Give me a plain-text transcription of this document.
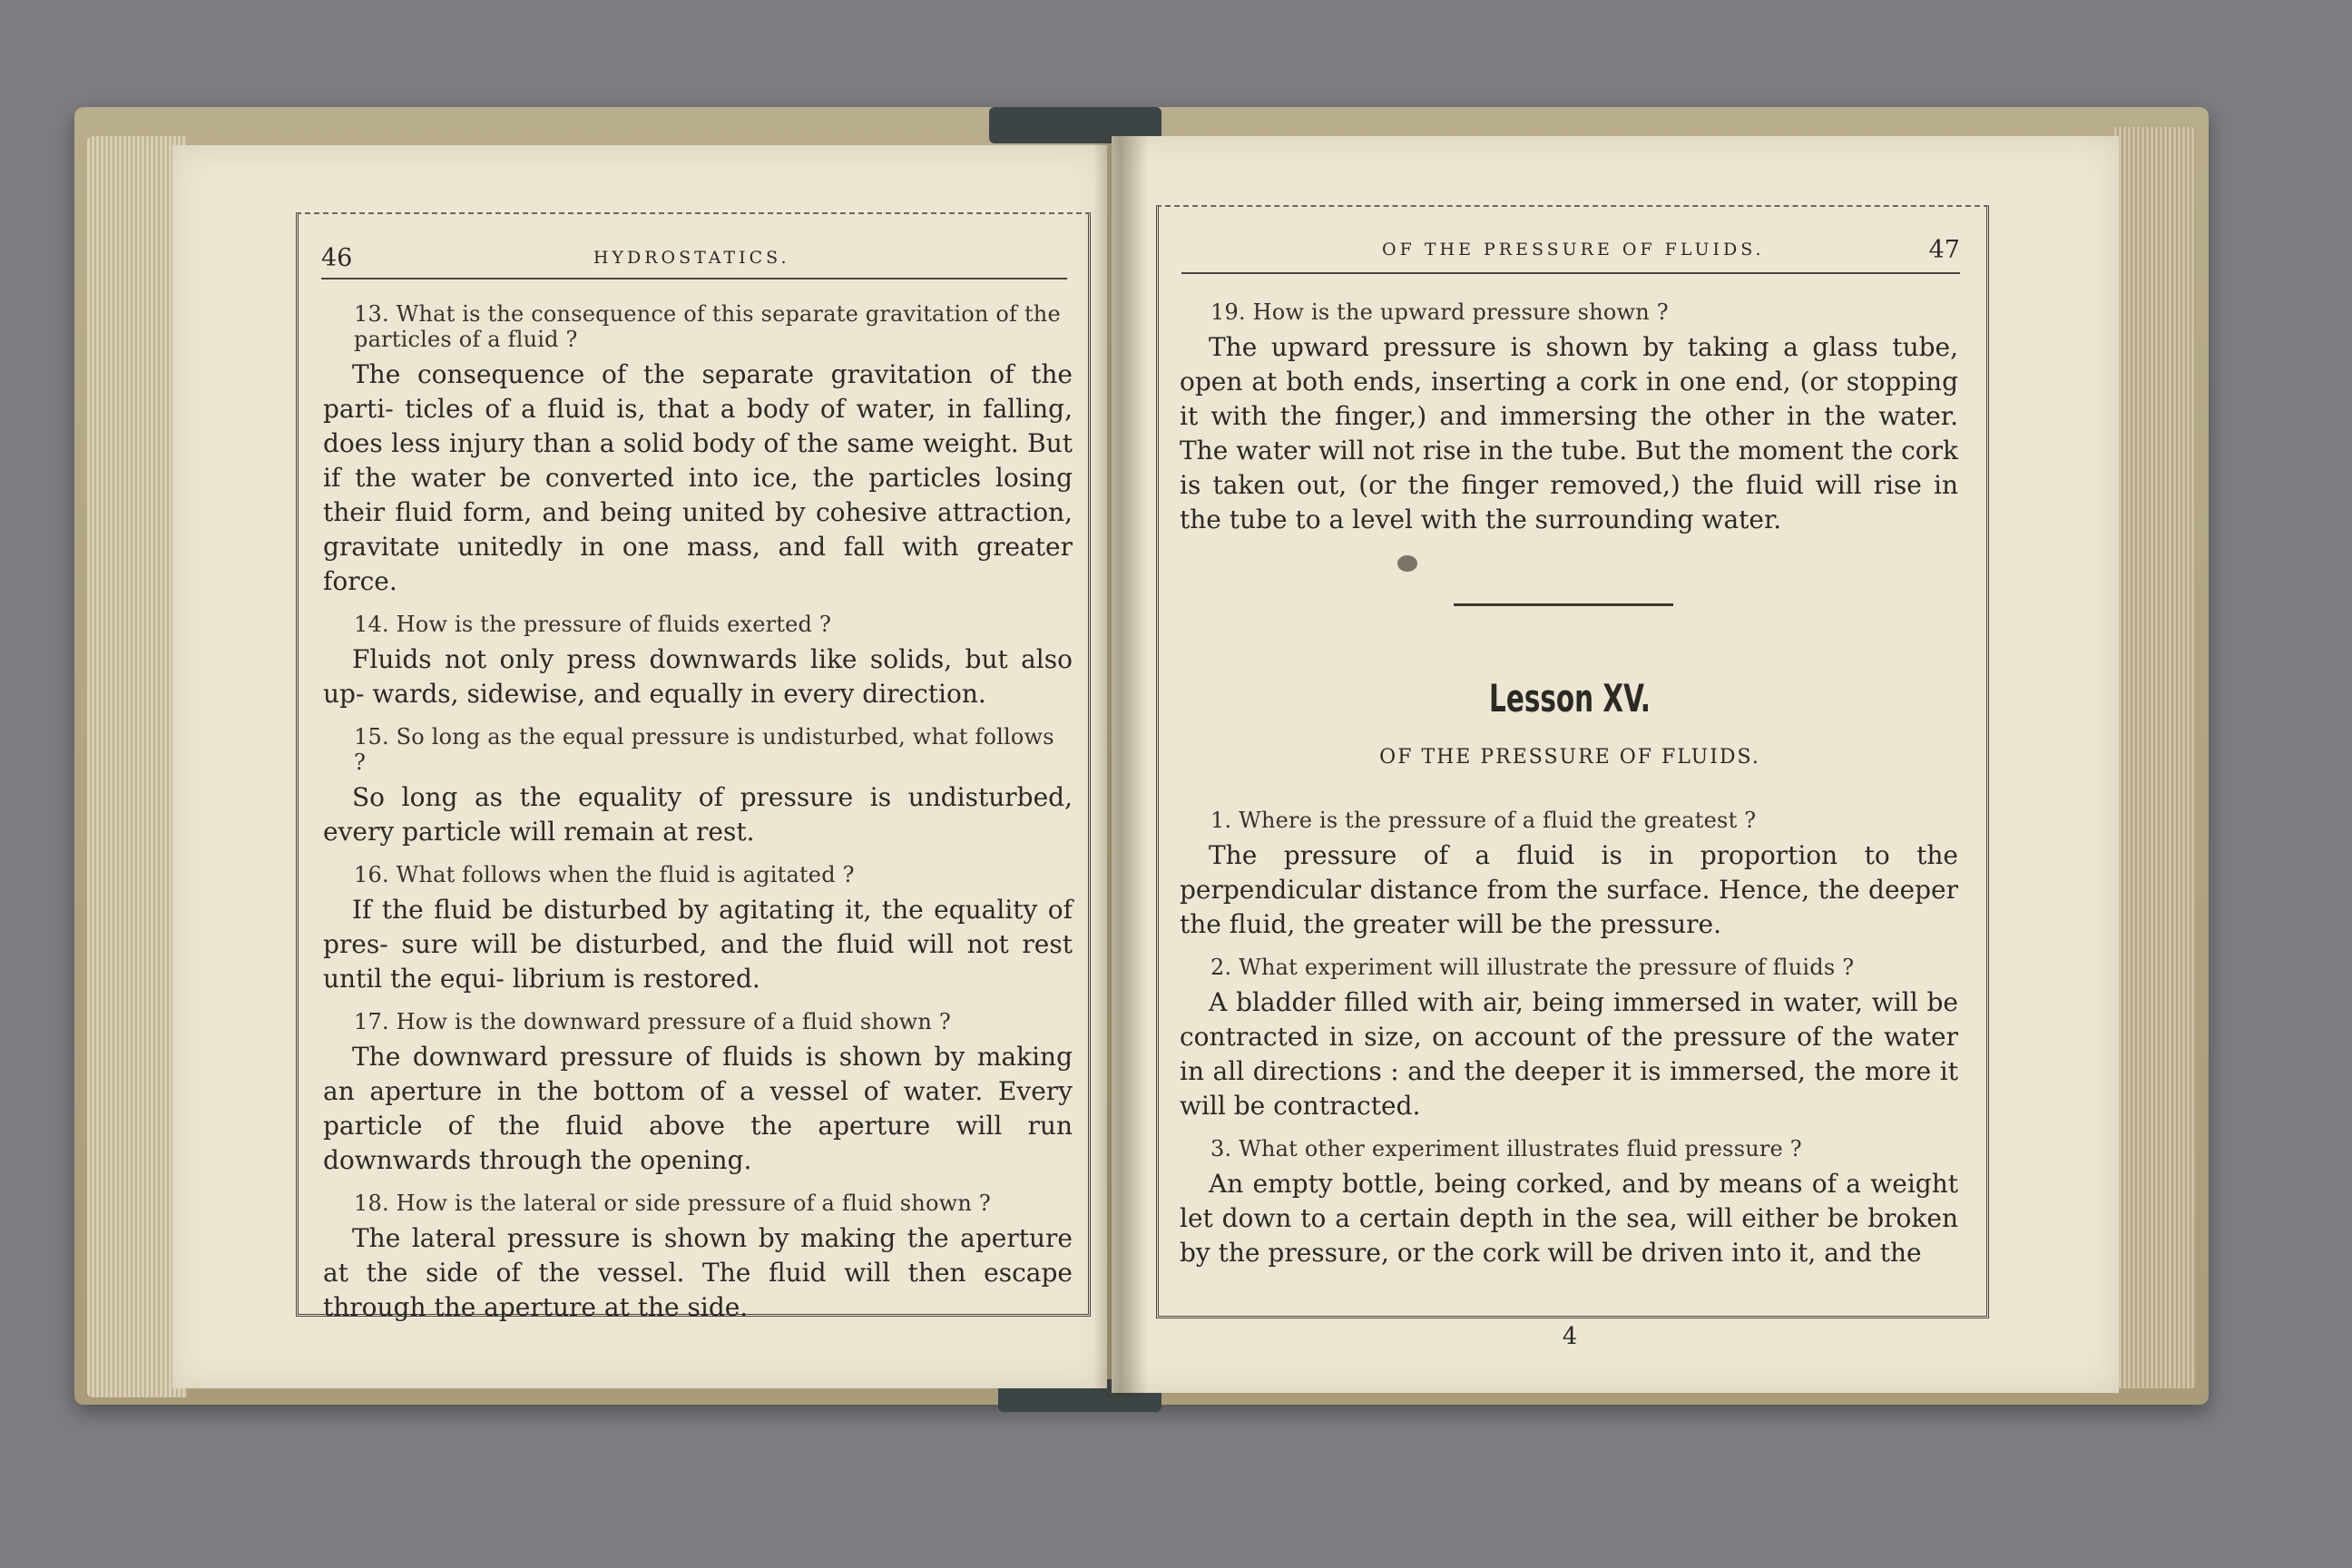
46	HYDROSTATICS.

13. What is the consequence of this separate gravitation of the particles of a fluid ?

The consequence of the separate gravitation of the parti- ticles of a fluid is, that a body of water, in falling, does less injury than a solid body of the same weight. But if the water be converted into ice, the particles losing their fluid form, and being united by cohesive attraction, gravitate unitedly in one mass, and fall with greater force.

14. How is the pressure of fluids exerted ?

Fluids not only press downwards like solids, but also up- wards, sidewise, and equally in every direction.

15. So long as the equal pressure is undisturbed, what follows ?

So long as the equality of pressure is undisturbed, every particle will remain at rest.

16. What follows when the fluid is agitated ?

If the fluid be disturbed by agitating it, the equality of pres- sure will be disturbed, and the fluid will not rest until the equi- librium is restored.

17. How is the downward pressure of a fluid shown ?

The downward pressure of fluids is shown by making an aperture in the bottom of a vessel of water. Every particle of the fluid above the aperture will run downwards through the opening.

18. How is the lateral or side pressure of a fluid shown ?

The lateral pressure is shown by making the aperture at the side of the vessel. The fluid will then escape through the aperture at the side.

OF THE PRESSURE OF FLUIDS.	47

19. How is the upward pressure shown ?

The upward pressure is shown by taking a glass tube, open at both ends, inserting a cork in one end, (or stopping it with the finger,) and immersing the other in the water. The water will not rise in the tube. But the moment the cork is taken out, (or the finger removed,) the fluid will rise in the tube to a level with the surrounding water.

Lesson XV.
OF THE PRESSURE OF FLUIDS.

1. Where is the pressure of a fluid the greatest ?

The pressure of a fluid is in proportion to the perpendicular distance from the surface. Hence, the deeper the fluid, the greater will be the pressure.

2. What experiment will illustrate the pressure of fluids ?

A bladder filled with air, being immersed in water, will be contracted in size, on account of the pressure of the water in all directions : and the deeper it is immersed, the more it will be contracted.

3. What other experiment illustrates fluid pressure ?

An empty bottle, being corked, and by means of a weight let down to a certain depth in the sea, will either be broken by the pressure, or the cork will be driven into it, and the

4
